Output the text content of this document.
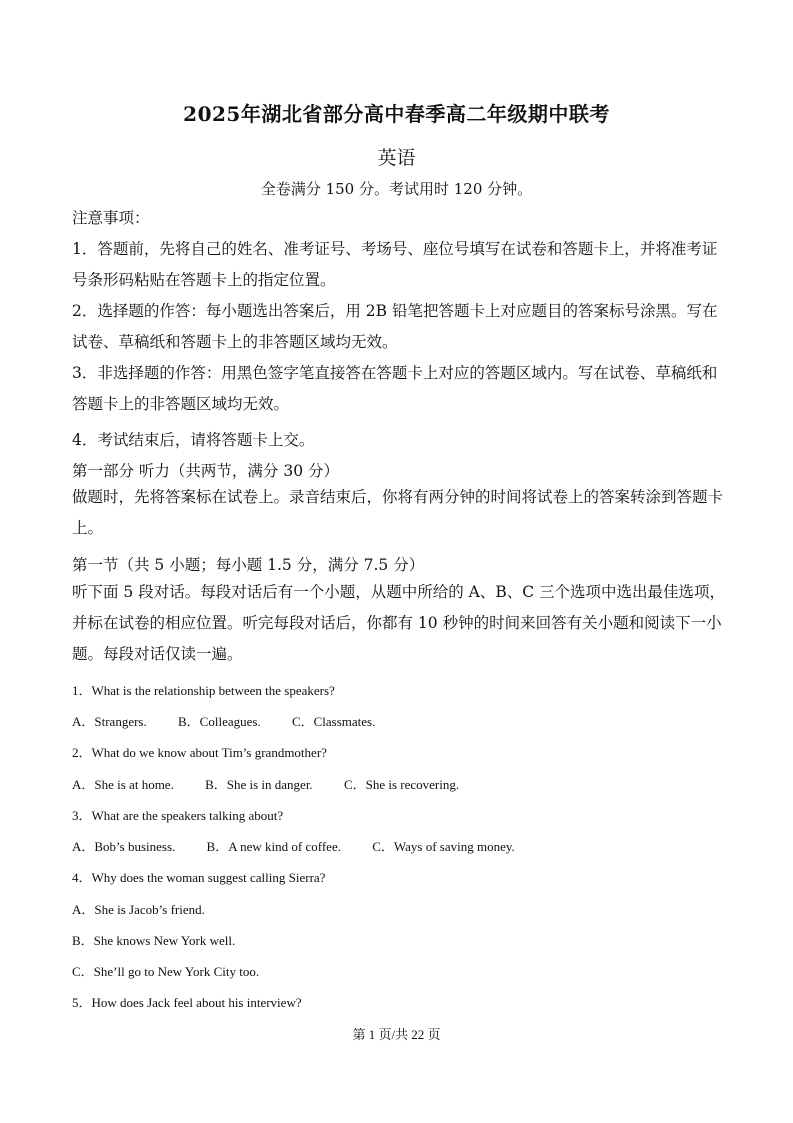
2025年湖北省部分高中春季高二年级期中联考
英语
全卷满分 150 分。考试用时 120 分钟。
注意事项：
1．答题前，先将自己的姓名、准考证号、考场号、座位号填写在试卷和答题卡上，并将准考证号条形码粘贴在答题卡上的指定位置。
2．选择题的作答：每小题选出答案后，用 2B 铅笔把答题卡上对应题目的答案标号涂黑。写在试卷、草稿纸和答题卡上的非答题区域均无效。
3．非选择题的作答：用黑色签字笔直接答在答题卡上对应的答题区域内。写在试卷、草稿纸和答题卡上的非答题区域均无效。
4．考试结束后，请将答题卡上交。
第一部分 听力（共两节，满分 30 分）
做题时，先将答案标在试卷上。录音结束后，你将有两分钟的时间将试卷上的答案转涂到答题卡上。
第一节（共 5 小题；每小题 1.5 分，满分 7.5 分）
听下面 5 段对话。每段对话后有一个小题，从题中所给的 A、B、C 三个选项中选出最佳选项，并标在试卷的相应位置。听完每段对话后，你都有 10 秒钟的时间来回答有关小题和阅读下一小题。每段对话仅读一遍。
1．What is the relationship between the speakers?
A．Strangers. B．Colleagues. C．Classmates.
2．What do we know about Tim’s grandmother?
A．She is at home. B．She is in danger. C．She is recovering.
3．What are the speakers talking about?
A．Bob’s business. B．A new kind of coffee. C．Ways of saving money.
4．Why does the woman suggest calling Sierra?
A．She is Jacob’s friend.
B．She knows New York well.
C．She’ll go to New York City too.
5．How does Jack feel about his interview?
第 1 页/共 22 页
